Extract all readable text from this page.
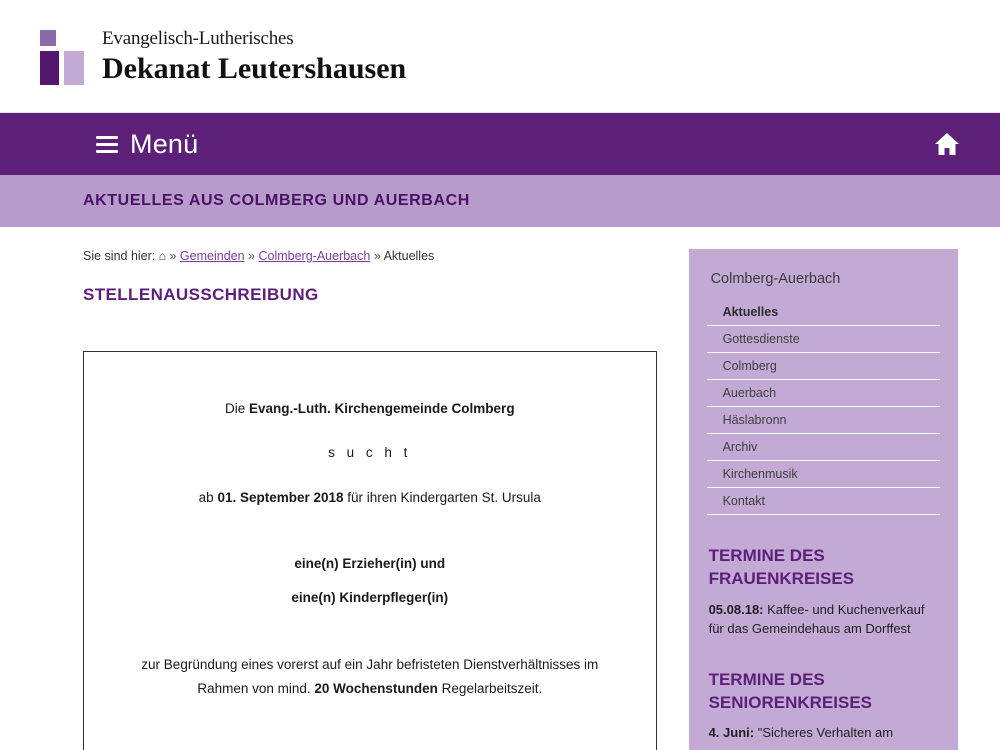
Evangelisch-Lutherisches
Dekanat Leutershausen
Menü
AKTUELLES AUS COLMBERG UND AUERBACH
Sie sind hier: ⌂ » Gemeinden » Colmberg-Auerbach » Aktuelles
STELLENAUSSCHREIBUNG

Die Evang.-Luth. Kirchengemeinde Colmberg

s u c h t

ab 01. September 2018 für ihren Kindergarten St. Ursula

eine(n) Erzieher(in) und

eine(n) Kinderpfleger(in)

zur Begründung eines vorerst auf ein Jahr befristeten Dienstverhältnisses im Rahmen von mind. 20 Wochenstunden Regelarbeitszeit.

Colmberg-Auerbach
Aktuelles
Gottesdienste
Colmberg
Auerbach
Häslabronn
Archiv
Kirchenmusik
Kontakt
TERMINE DES FRAUENKREISES

05.08.18: Kaffee- und Kuchenverkauf für das Gemeindehaus am Dorffest

TERMINE DES SENIORENKREISES

4. Juni: "Sicheres Verhalten am
